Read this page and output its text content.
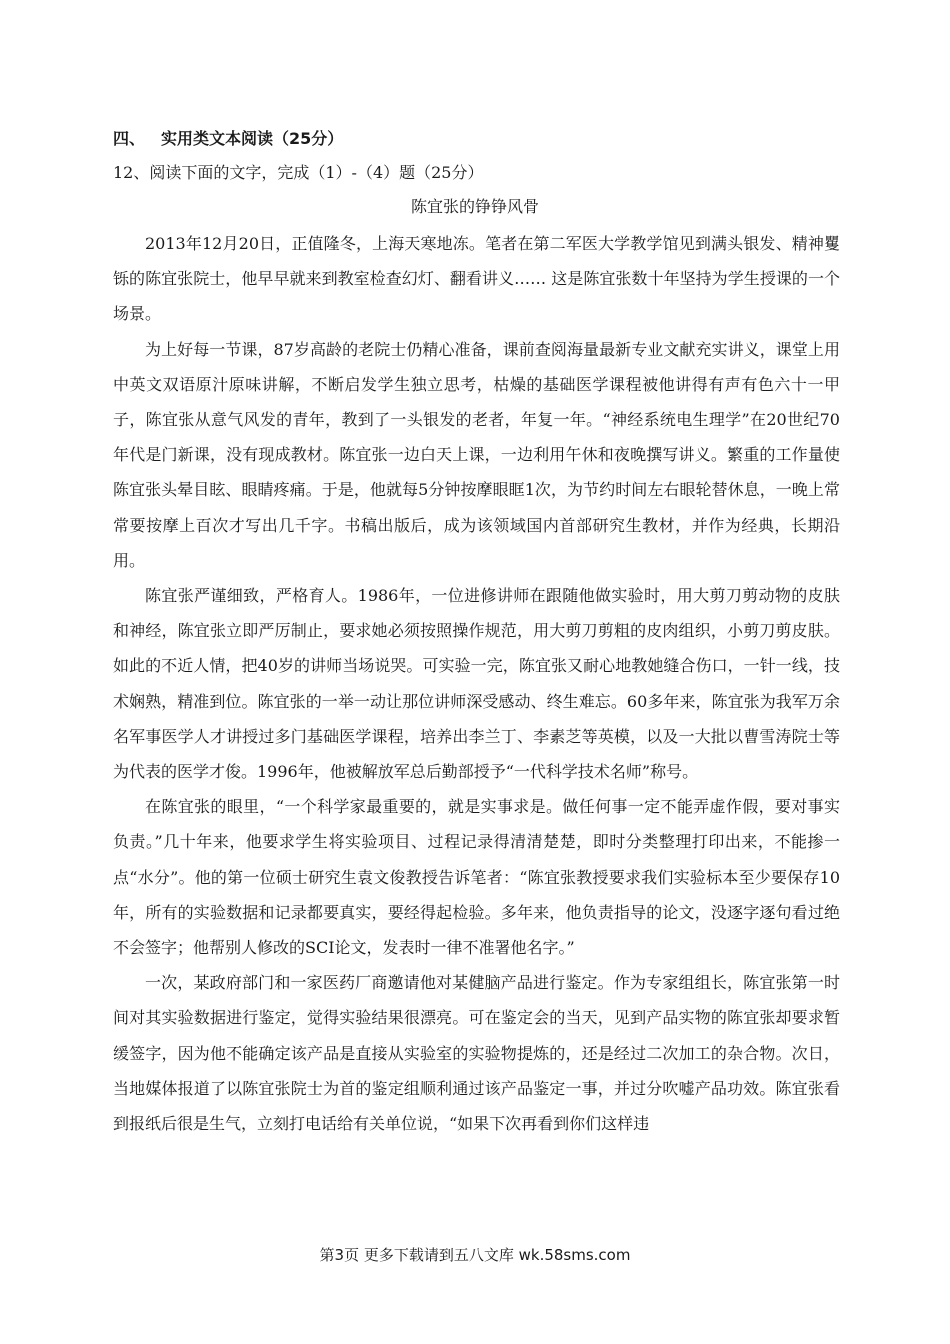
四、 实用类文本阅读（25分）
12、阅读下面的文字，完成（1）-（4）题（25分）
陈宜张的铮铮风骨

2013年12月20日，正值隆冬，上海天寒地冻。笔者在第二军医大学教学馆见到满头银发、精神矍铄的陈宜张院士，他早早就来到教室检查幻灯、翻看讲义…… 这是陈宜张数十年坚持为学生授课的一个场景。

为上好每一节课，87岁高龄的老院士仍精心准备，课前查阅海量最新专业文献充实讲义，课堂上用中英文双语原汁原味讲解，不断启发学生独立思考，枯燥的基础医学课程被他讲得有声有色六十一甲子，陈宜张从意气风发的青年，教到了一头银发的老者，年复一年。“神经系统电生理学”在20世纪70年代是门新课，没有现成教材。陈宜张一边白天上课，一边利用午休和夜晚撰写讲义。繁重的工作量使陈宜张头晕目眩、眼睛疼痛。于是，他就每5分钟按摩眼眶1次，为节约时间左右眼轮替休息，一晚上常常要按摩上百次才写出几千字。书稿出版后，成为该领域国内首部研究生教材，并作为经典，长期沿用。

陈宜张严谨细致，严格育人。1986年，一位进修讲师在跟随他做实验时，用大剪刀剪动物的皮肤和神经，陈宜张立即严厉制止，要求她必须按照操作规范，用大剪刀剪粗的皮肉组织，小剪刀剪皮肤。如此的不近人情，把40岁的讲师当场说哭。可实验一完，陈宜张又耐心地教她缝合伤口，一针一线，技术娴熟，精准到位。陈宜张的一举一动让那位讲师深受感动、终生难忘。60多年来，陈宜张为我军万余名军事医学人才讲授过多门基础医学课程，培养出李兰丁、李素芝等英模，以及一大批以曹雪涛院士等为代表的医学才俊。1996年，他被解放军总后勤部授予“一代科学技术名师”称号。

在陈宜张的眼里，“一个科学家最重要的，就是实事求是。做任何事一定不能弄虚作假，要对事实负责。”几十年来，他要求学生将实验项目、过程记录得清清楚楚，即时分类整理打印出来，不能掺一点“水分”。他的第一位硕士研究生袁文俊教授告诉笔者：“陈宜张教授要求我们实验标本至少要保存10年，所有的实验数据和记录都要真实，要经得起检验。多年来，他负责指导的论文，没逐字逐句看过绝不会签字；他帮别人修改的SCI论文，发表时一律不准署他名字。”

一次，某政府部门和一家医药厂商邀请他对某健脑产品进行鉴定。作为专家组组长，陈宜张第一时间对其实验数据进行鉴定，觉得实验结果很漂亮。可在鉴定会的当天，见到产品实物的陈宜张却要求暂缓签字，因为他不能确定该产品是直接从实验室的实验物提炼的，还是经过二次加工的杂合物。次日，当地媒体报道了以陈宜张院士为首的鉴定组顺利通过该产品鉴定一事，并过分吹嘘产品功效。陈宜张看到报纸后很是生气，立刻打电话给有关单位说，“如果下次再看到你们这样违

第3页 更多下载请到五八文库 wk.58sms.com
